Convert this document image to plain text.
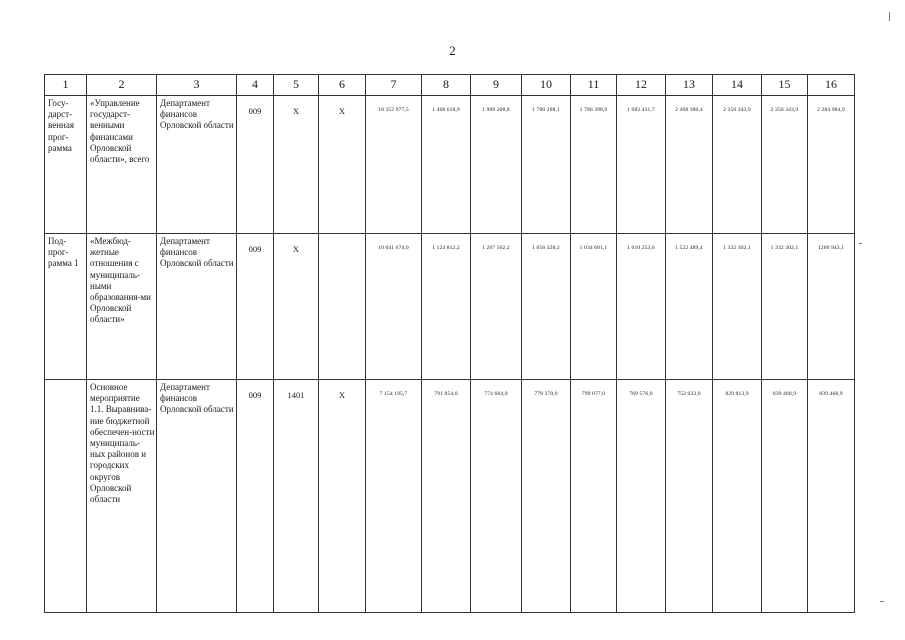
2
1	2	3	4	5	6	7	8	9	10	11	12	13	14	15	16
Госу-дарст-венная прог-рамма	«Управление государст-венными финансами Орловской области», всего	Департамент финансов Орловской области	009	Х	Х	18 352 977,5	1 468 618,9	1 909 208,8	1 780 268,1	1 786 398,9	1 982 431,7	2 468 380,4	2 356 343,9	2 356 343,9	2 284 984,9
Под-прог-рамма 1	«Межбюд-жетные отношения с муниципаль-ными образования-ми Орловской области»	Департамент финансов Орловской области	009	Х		10 041 674,0	1 124 812,2	1 267 562,2	1 056 328,2	1 034 681,1	1 010 253,6	1 522 489,4	1 332 302,1	1 332 302,1	1260 943,1
	Основное мероприятие 1.1. Выравнива-ние бюджетной обеспечен-ности муниципаль-ных районов и городских округов Орловской области	Департамент финансов Орловской области	009	1401	Х	7 154 195,7	791 854,0	774 604,0	778 370,0	799 077,0	769 576,0	752 033,0	829 813,9	839 468,9	839 468,9
